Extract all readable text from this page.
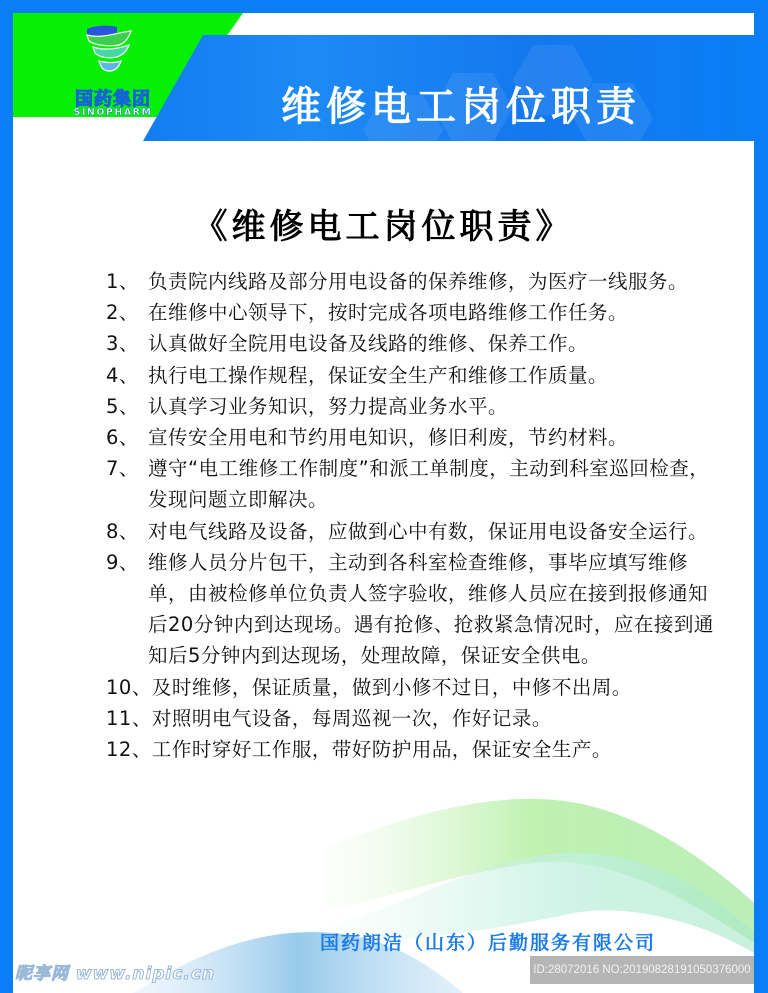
国药集团
SINOPHARM	维修电工岗位职责
《维修电工岗位职责》
1、 负责院内线路及部分用电设备的保养维修，为医疗一线服务。
2、 在维修中心领导下，按时完成各项电路维修工作任务。
3、 认真做好全院用电设备及线路的维修、保养工作。
4、 执行电工操作规程，保证安全生产和维修工作质量。
5、 认真学习业务知识，努力提高业务水平。
6、 宣传安全用电和节约用电知识，修旧利废，节约材料。
7、 遵守“电工维修工作制度”和派工单制度，主动到科室巡回检查，发现问题立即解决。
8、 对电气线路及设备，应做到心中有数，保证用电设备安全运行。
9、 维修人员分片包干，主动到各科室检查维修，事毕应填写维修单，由被检修单位负责人签字验收，维修人员应在接到报修通知后20分钟内到达现场。遇有抢修、抢救紧急情况时，应在接到通知后5分钟内到达现场，处理故障，保证安全供电。
10、 及时维修，保证质量，做到小修不过日，中修不出周。
11、 对照明电气设备，每周巡视一次，作好记录。
12、 工作时穿好工作服，带好防护用品，保证安全生产。
国药朗洁（山东）后勤服务有限公司
昵享网 www.nipic.cn	ID:28072016 NO:20190828191050376000
